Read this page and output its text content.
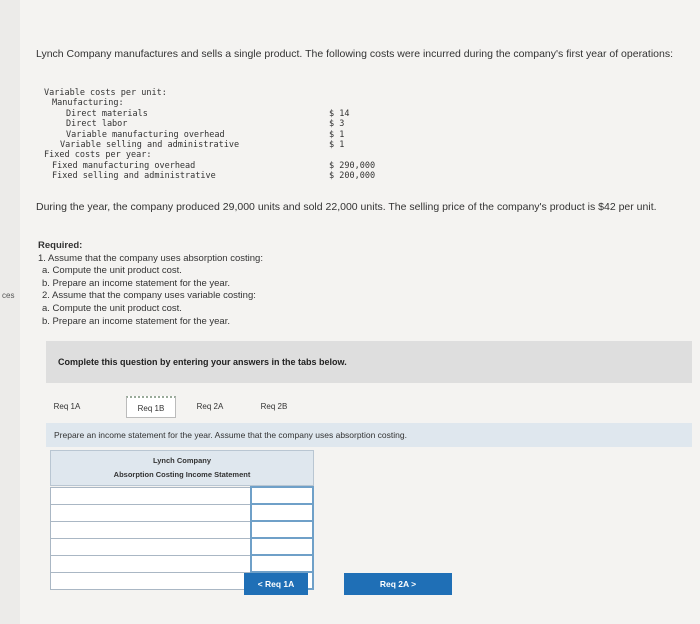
ces
Lynch Company manufactures and sells a single product. The following costs were incurred during the company's first year of operations:
Variable costs per unit:
Manufacturing:
Direct materials	$ 14
Direct labor	$ 3
Variable manufacturing overhead	$ 1
Variable selling and administrative	$ 1
Fixed costs per year:
Fixed manufacturing overhead	$ 290,000
Fixed selling and administrative	$ 200,000
During the year, the company produced 29,000 units and sold 22,000 units. The selling price of the company's product is $42 per unit.
Required:
1. Assume that the company uses absorption costing:
a. Compute the unit product cost.
b. Prepare an income statement for the year.
2. Assume that the company uses variable costing:
a. Compute the unit product cost.
b. Prepare an income statement for the year.
Complete this question by entering your answers in the tabs below.
Req 1A	Req 1B	Req 2A	Req 2B
Prepare an income statement for the year. Assume that the company uses absorption costing.
Lynch Company
Absorption Costing Income Statement

< Req 1A	Req 2A >
